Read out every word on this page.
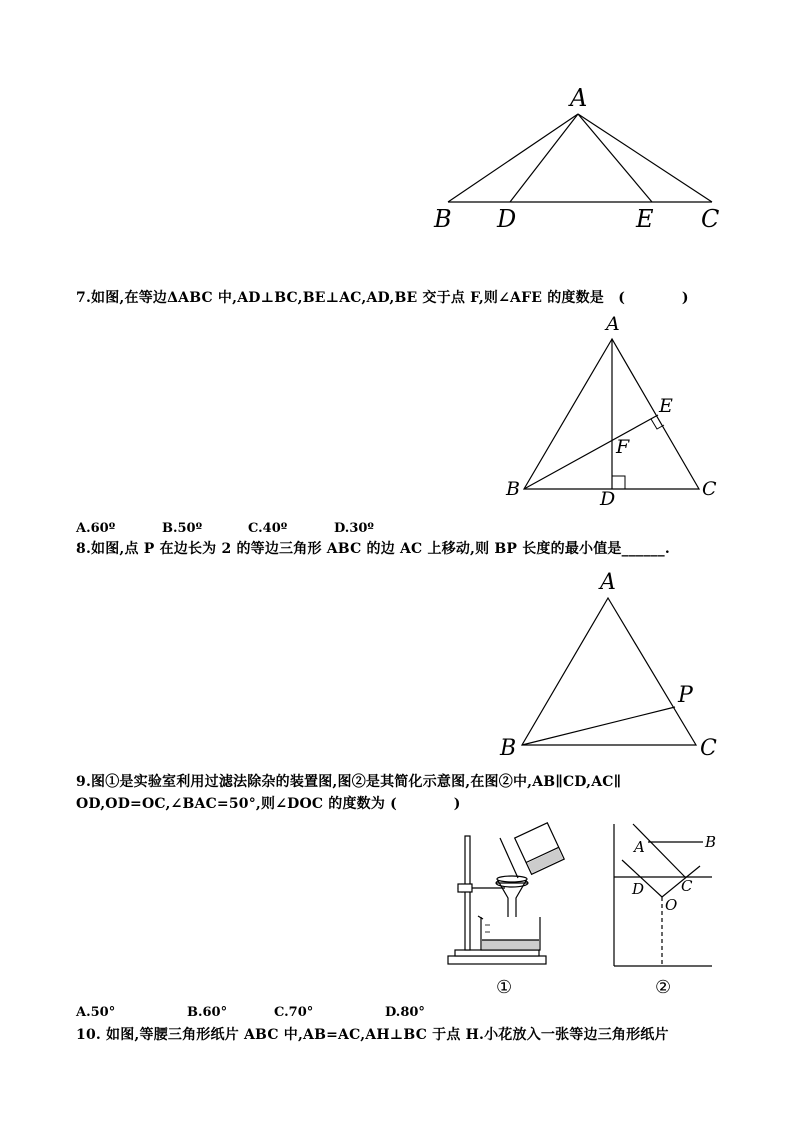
A
B D	E C
7.如图,在等边ΔABC 中,AD⊥BC,BE⊥AC,AD,BE 交于点 F,则∠AFE 的度数是　(　　　　)
A
E
F
B	D	C
A.60º	B.50º	C.40º	D.30º
8.如图,点 P 在边长为 2 的等边三角形 ABC 的边 AC 上移动,则 BP 长度的最小值是______.
A
P
B	C
9.图①是实验室利用过滤法除杂的装置图,图②是其简化示意图,在图②中,AB∥CD,AC∥
OD,OD=OC,∠BAC=50°,则∠DOC 的度数为 (　　　　)
①
A	B
D C
O
②
A.50°	B.60°	C.70°	D.80°
10. 如图,等腰三角形纸片 ABC 中,AB=AC,AH⊥BC 于点 H.小花放入一张等边三角形纸片
